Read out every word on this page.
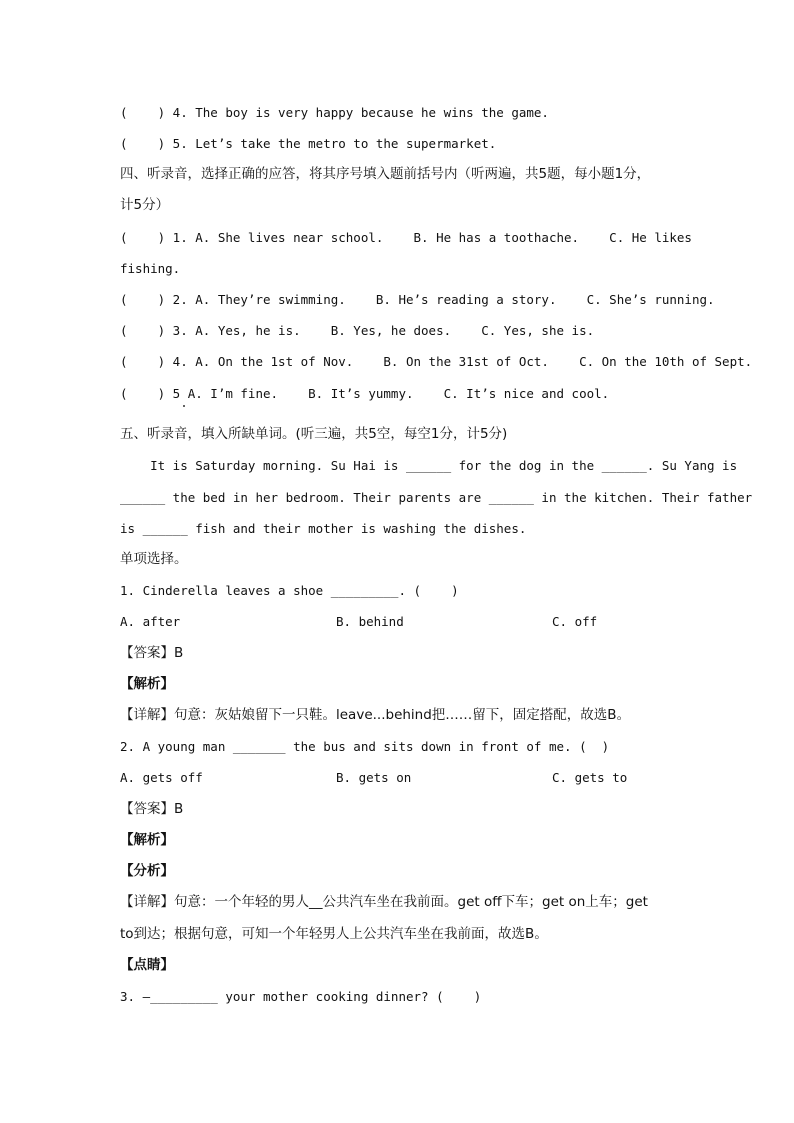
(    ) 4. The boy is very happy because he wins the game.
(    ) 5. Let’s take the metro to the supermarket.
四、听录音，选择正确的应答，将其序号填入题前括号内（听两遍，共5题，每小题1分，
计5分）
(    ) 1. A. She lives near school.    B. He has a toothache.    C. He likes
fishing.
(    ) 2. A. They’re swimming.    B. He’s reading a story.    C. She’s running.
(    ) 3. A. Yes, he is.    B. Yes, he does.    C. Yes, she is.
(    ) 4. A. On the 1st of Nov.    B. On the 31st of Oct.    C. On the 10th of Sept.
(    ) 5 A. I’m fine.    B. It’s yummy.    C. It’s nice and cool.
五、听录音，填入所缺单词。(听三遍，共5空，每空1分，计5分)
It is Saturday morning. Su Hai is ______ for the dog in the ______. Su Yang is
______ the bed in her bedroom. Their parents are ______ in the kitchen. Their father
is ______ fish and their mother is washing the dishes.
单项选择。
1. Cinderella leaves a shoe _________. (    )
A. after	B. behind	C. off
【答案】B
【解析】
【详解】句意：灰姑娘留下一只鞋。leave...behind把……留下，固定搭配，故选B。
2. A young man _______ the bus and sits down in front of me. (  )
A. gets off	B. gets on	C. gets to
【答案】B
【解析】
【分析】
【详解】句意：一个年轻的男人__公共汽车坐在我前面。get off下车；get on上车；get
to到达；根据句意，可知一个年轻男人上公共汽车坐在我前面，故选B。
【点睛】
3. —_________ your mother cooking dinner? (    )
